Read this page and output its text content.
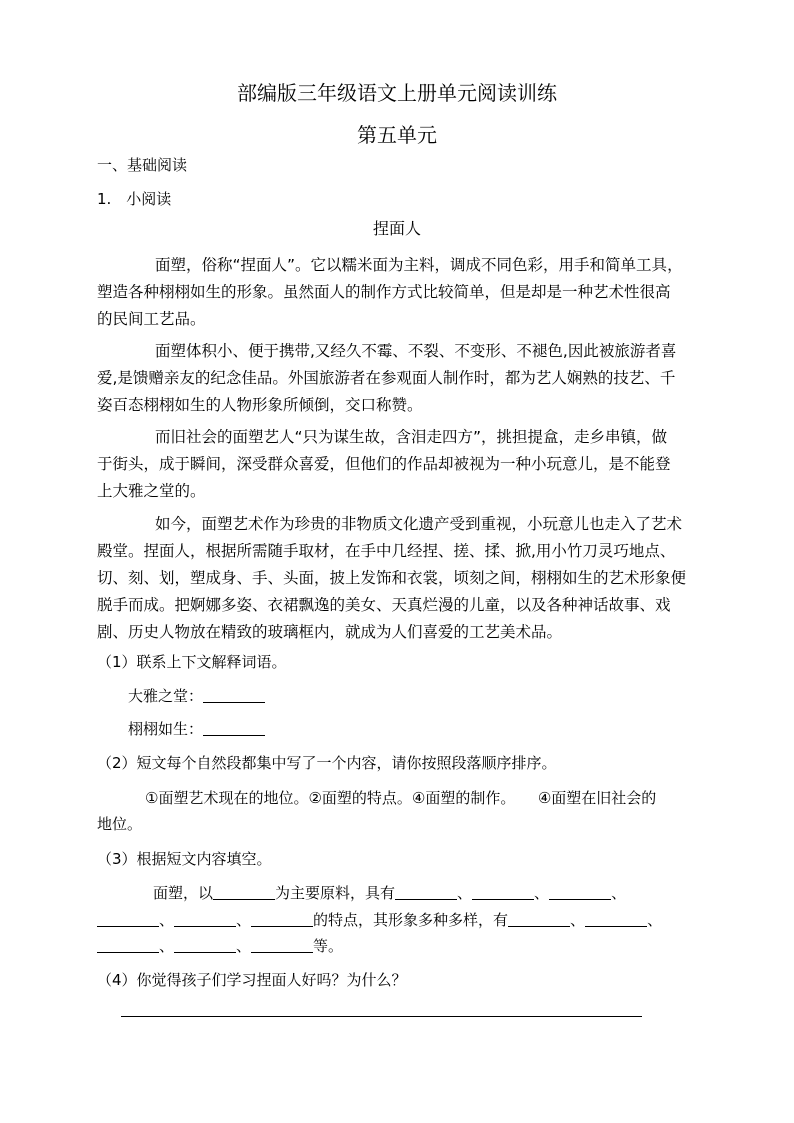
部编版三年级语文上册单元阅读训练
第五单元
一、基础阅读
1.　小阅读
捏面人
面塑，俗称“捏面人”。它以糯米面为主料，调成不同色彩，用手和简单工具，
塑造各种栩栩如生的形象。虽然面人的制作方式比较简单，但是却是一种艺术性很高
的民间工艺品。
面塑体积小、便于携带,又经久不霉、不裂、不变形、不褪色,因此被旅游者喜
爱,是馈赠亲友的纪念佳品。外国旅游者在参观面人制作时，都为艺人娴熟的技艺、千
姿百态栩栩如生的人物形象所倾倒，交口称赞。
而旧社会的面塑艺人“只为谋生故，含泪走四方”，挑担提盒，走乡串镇，做
于街头，成于瞬间，深受群众喜爱，但他们的作品却被视为一种小玩意儿，是不能登
上大雅之堂的。
如今，面塑艺术作为珍贵的非物质文化遗产受到重视，小玩意儿也走入了艺术
殿堂。捏面人，根据所需随手取材，在手中几经捏、搓、揉、掀,用小竹刀灵巧地点、
切、刻、划，塑成身、手、头面，披上发饰和衣裳，顷刻之间，栩栩如生的艺术形象便
脱手而成。把婀娜多姿、衣裙飘逸的美女、天真烂漫的儿童，以及各种神话故事、戏
剧、历史人物放在精致的玻璃框内，就成为人们喜爱的工艺美术品。
（1）联系上下文解释词语。
大雅之堂：
栩栩如生：
（2）短文每个自然段都集中写了一个内容，请你按照段落顺序排序。
①面塑艺术现在的地位。②面塑的特点。④面塑的制作。　　④面塑在旧社会的
地位。
（3）根据短文内容填空。
面塑，以	为主要原料，具有	、	、	、
、	、	的特点，其形象多种多样，有	、	、
、	、	等。
（4）你觉得孩子们学习捏面人好吗？为什么？
